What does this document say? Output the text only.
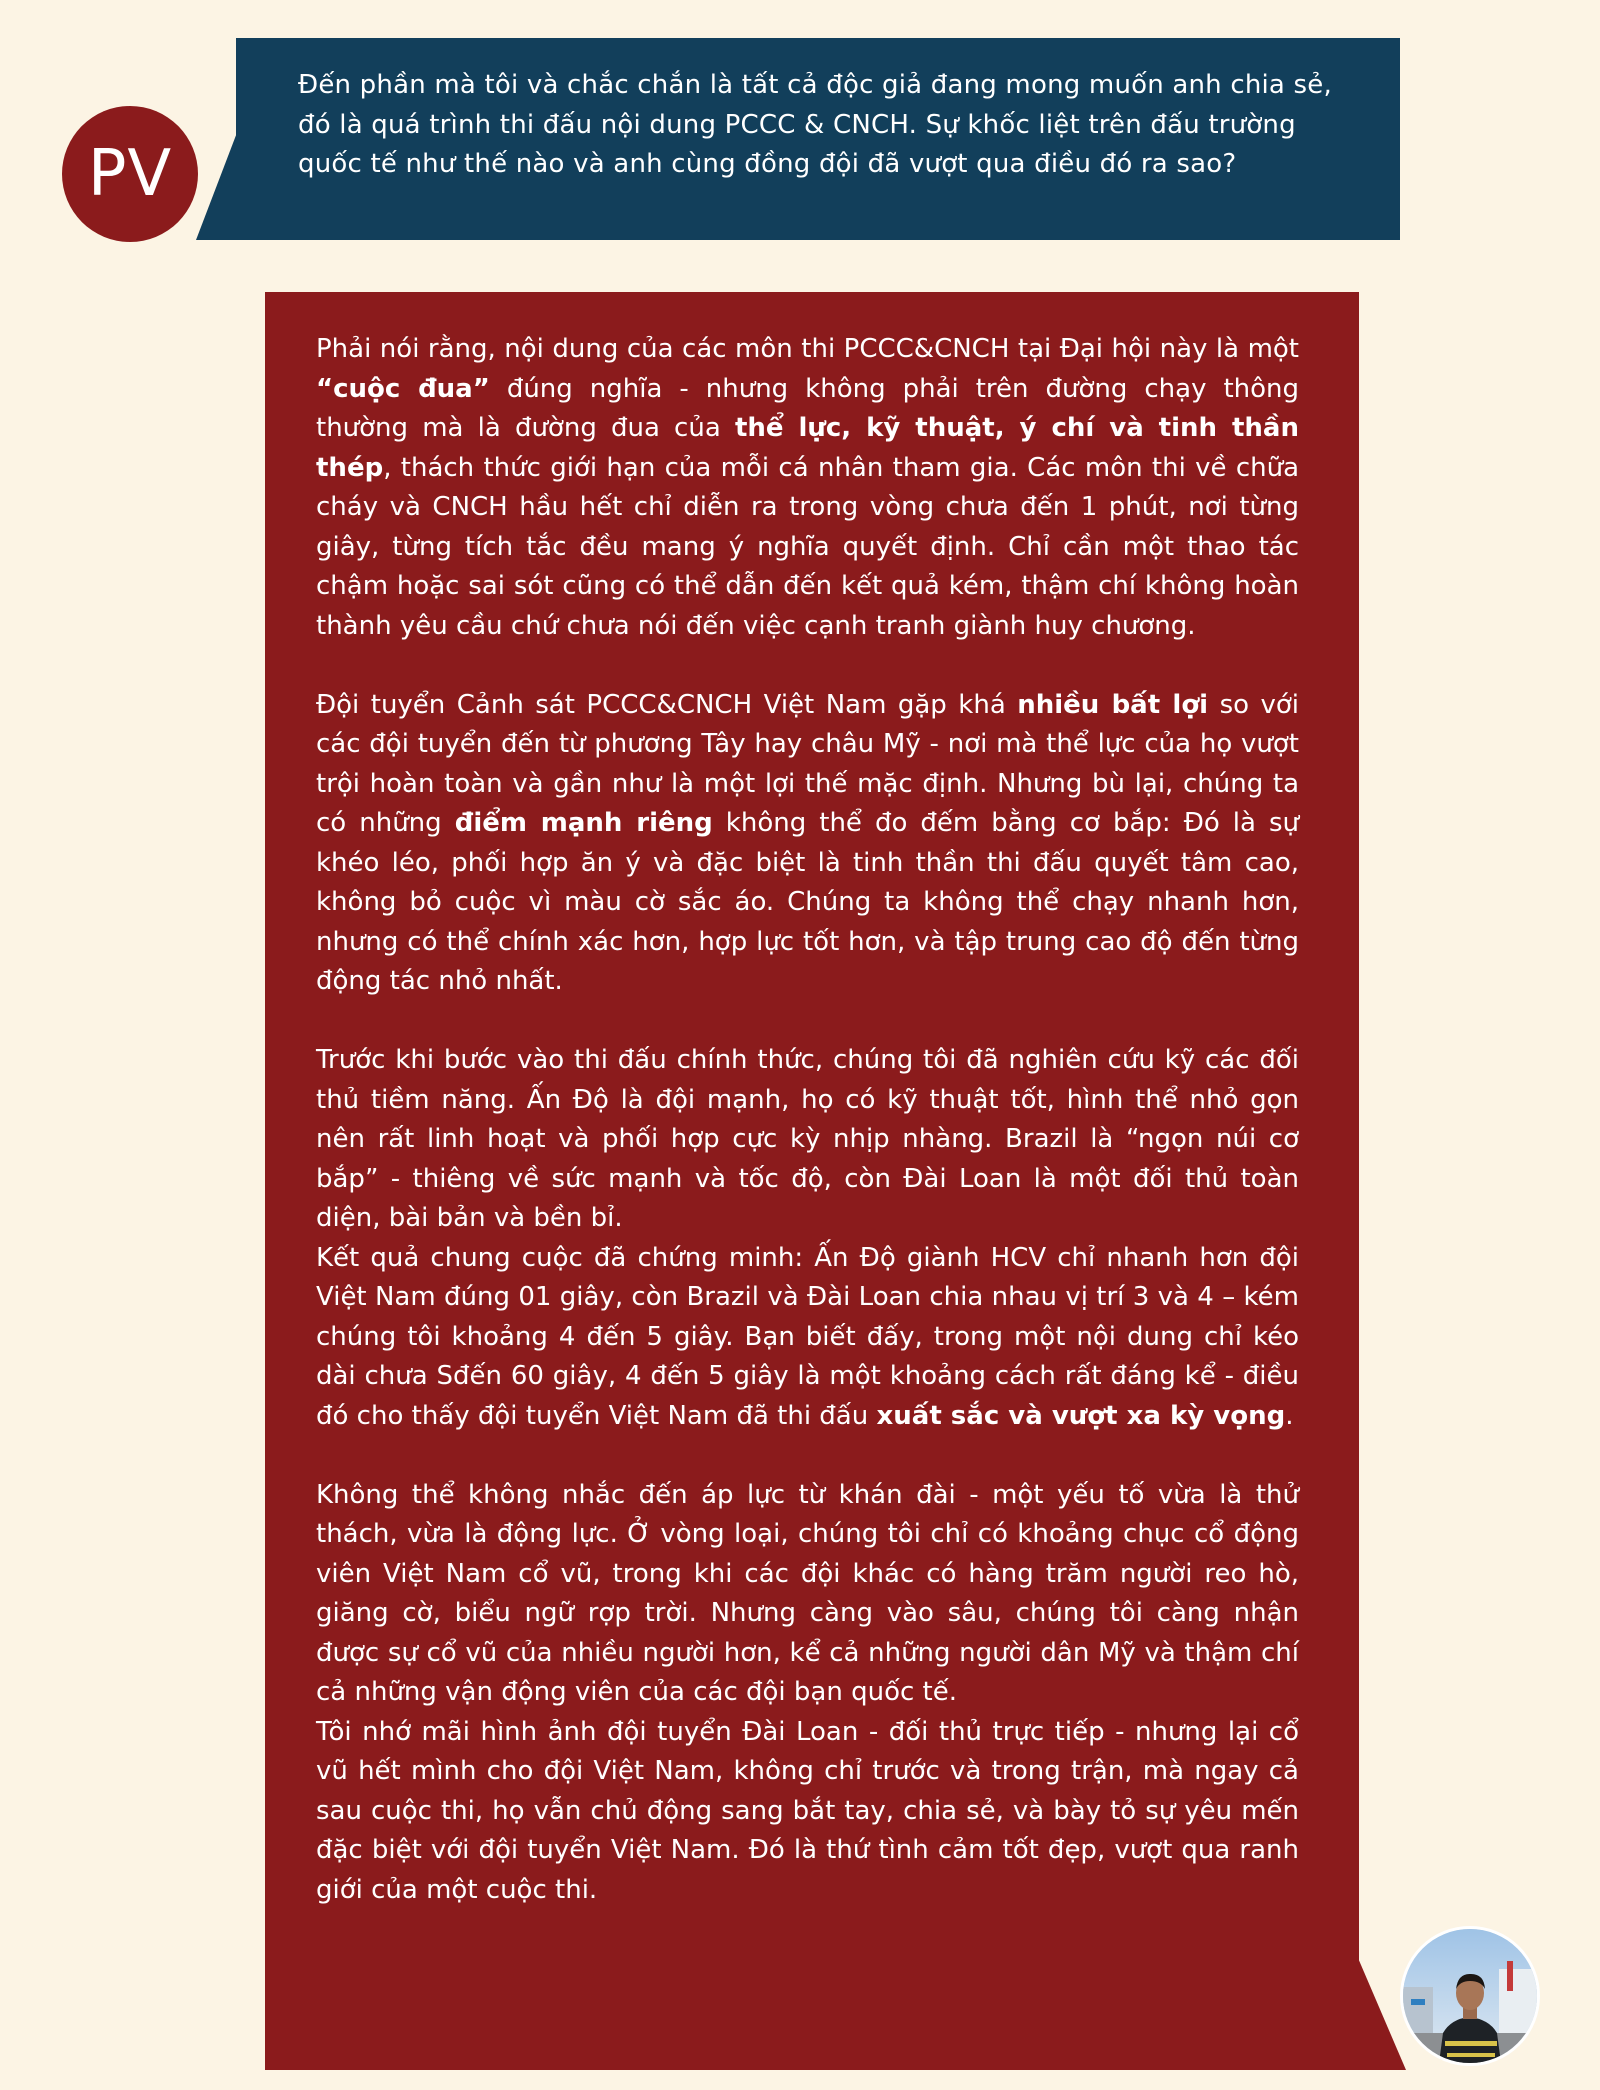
PV

Đến phần mà tôi và chắc chắn là tất cả độc giả đang mong muốn anh chia sẻ, đó là quá trình thi đấu nội dung PCCC & CNCH. Sự khốc liệt trên đấu trường quốc tế như thế nào và anh cùng đồng đội đã vượt qua điều đó ra sao?

Phải nói rằng, nội dung của các môn thi PCCC&CNCH tại Đại hội này là một “cuộc đua” đúng nghĩa - nhưng không phải trên đường chạy thông thường mà là đường đua của thể lực, kỹ thuật, ý chí và tinh thần thép, thách thức giới hạn của mỗi cá nhân tham gia. Các môn thi về chữa cháy và CNCH hầu hết chỉ diễn ra trong vòng chưa đến 1 phút, nơi từng giây, từng tích tắc đều mang ý nghĩa quyết định. Chỉ cần một thao tác chậm hoặc sai sót cũng có thể dẫn đến kết quả kém, thậm chí không hoàn thành yêu cầu chứ chưa nói đến việc cạnh tranh giành huy chương.

Đội tuyển Cảnh sát PCCC&CNCH Việt Nam gặp khá nhiều bất lợi so với các đội tuyển đến từ phương Tây hay châu Mỹ - nơi mà thể lực của họ vượt trội hoàn toàn và gần như là một lợi thế mặc định. Nhưng bù lại, chúng ta có những điểm mạnh riêng không thể đo đếm bằng cơ bắp: Đó là sự khéo léo, phối hợp ăn ý và đặc biệt là tinh thần thi đấu quyết tâm cao, không bỏ cuộc vì màu cờ sắc áo. Chúng ta không thể chạy nhanh hơn, nhưng có thể chính xác hơn, hợp lực tốt hơn, và tập trung cao độ đến từng động tác nhỏ nhất.

Trước khi bước vào thi đấu chính thức, chúng tôi đã nghiên cứu kỹ các đối thủ tiềm năng. Ấn Độ là đội mạnh, họ có kỹ thuật tốt, hình thể nhỏ gọn nên rất linh hoạt và phối hợp cực kỳ nhịp nhàng. Brazil là “ngọn núi cơ bắp” - thiêng về sức mạnh và tốc độ, còn Đài Loan là một đối thủ toàn diện, bài bản và bền bỉ.

Kết quả chung cuộc đã chứng minh: Ấn Độ giành HCV chỉ nhanh hơn đội Việt Nam đúng 01 giây, còn Brazil và Đài Loan chia nhau vị trí 3 và 4 – kém chúng tôi khoảng 4 đến 5 giây. Bạn biết đấy, trong một nội dung chỉ kéo dài chưa Sđến 60 giây, 4 đến 5 giây là một khoảng cách rất đáng kể - điều đó cho thấy đội tuyển Việt Nam đã thi đấu xuất sắc và vượt xa kỳ vọng.

Không thể không nhắc đến áp lực từ khán đài - một yếu tố vừa là thử thách, vừa là động lực. Ở vòng loại, chúng tôi chỉ có khoảng chục cổ động viên Việt Nam cổ vũ, trong khi các đội khác có hàng trăm người reo hò, giăng cờ, biểu ngữ rợp trời. Nhưng càng vào sâu, chúng tôi càng nhận được sự cổ vũ của nhiều người hơn, kể cả những người dân Mỹ và thậm chí cả những vận động viên của các đội bạn quốc tế.

Tôi nhớ mãi hình ảnh đội tuyển Đài Loan - đối thủ trực tiếp - nhưng lại cổ vũ hết mình cho đội Việt Nam, không chỉ trước và trong trận, mà ngay cả sau cuộc thi, họ vẫn chủ động sang bắt tay, chia sẻ, và bày tỏ sự yêu mến đặc biệt với đội tuyển Việt Nam. Đó là thứ tình cảm tốt đẹp, vượt qua ranh giới của một cuộc thi.
